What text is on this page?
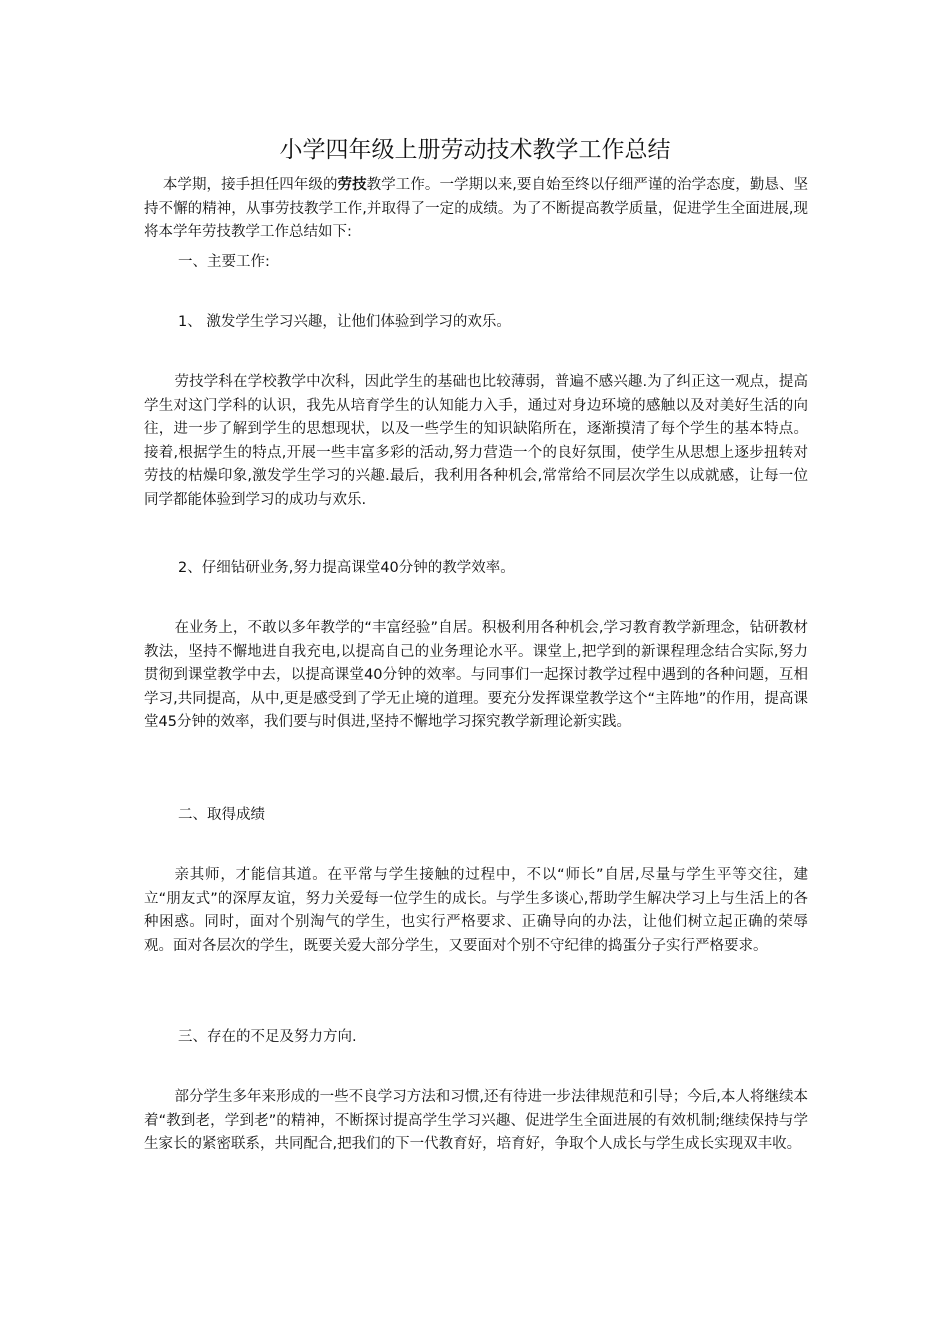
小学四年级上册劳动技术教学工作总结

本学期，接手担任四年级的劳技教学工作。一学期以来,要自始至终以仔细严谨的治学态度，勤恳、坚持不懈的精神，从事劳技教学工作,并取得了一定的成绩。为了不断提高教学质量，促进学生全面进展,现将本学年劳技教学工作总结如下:

一、主要工作:

1、 激发学生学习兴趣，让他们体验到学习的欢乐。

劳技学科在学校教学中次科，因此学生的基础也比较薄弱，普遍不感兴趣.为了纠正这一观点，提高学生对这门学科的认识，我先从培育学生的认知能力入手，通过对身边环境的感触以及对美好生活的向往，进一步了解到学生的思想现状，以及一些学生的知识缺陷所在，逐渐摸清了每个学生的基本特点。接着,根据学生的特点,开展一些丰富多彩的活动,努力营造一个的良好氛围，使学生从思想上逐步扭转对劳技的枯燥印象,激发学生学习的兴趣.最后，我利用各种机会,常常给不同层次学生以成就感，让每一位同学都能体验到学习的成功与欢乐.

2、仔细钻研业务,努力提高课堂40分钟的教学效率。

在业务上，不敢以多年教学的“丰富经验”自居。积极利用各种机会,学习教育教学新理念，钻研教材教法，坚持不懈地进自我充电,以提高自己的业务理论水平。课堂上,把学到的新课程理念结合实际,努力贯彻到课堂教学中去，以提高课堂40分钟的效率。与同事们一起探讨教学过程中遇到的各种问题，互相学习,共同提高，从中,更是感受到了学无止境的道理。要充分发挥课堂教学这个“主阵地”的作用，提高课堂45分钟的效率，我们要与时俱进,坚持不懈地学习探究教学新理论新实践。

二、取得成绩

亲其师，才能信其道。在平常与学生接触的过程中，不以“师长”自居,尽量与学生平等交往，建立“朋友式”的深厚友谊，努力关爱每一位学生的成长。与学生多谈心,帮助学生解决学习上与生活上的各种困惑。同时，面对个别淘气的学生，也实行严格要求、正确导向的办法，让他们树立起正确的荣辱观。面对各层次的学生，既要关爱大部分学生，又要面对个别不守纪律的捣蛋分子实行严格要求。

三、存在的不足及努力方向.

部分学生多年来形成的一些不良学习方法和习惯,还有待进一步法律规范和引导；今后,本人将继续本着“教到老，学到老”的精神，不断探讨提高学生学习兴趣、促进学生全面进展的有效机制;继续保持与学生家长的紧密联系，共同配合,把我们的下一代教育好，培育好，争取个人成长与学生成长实现双丰收。
